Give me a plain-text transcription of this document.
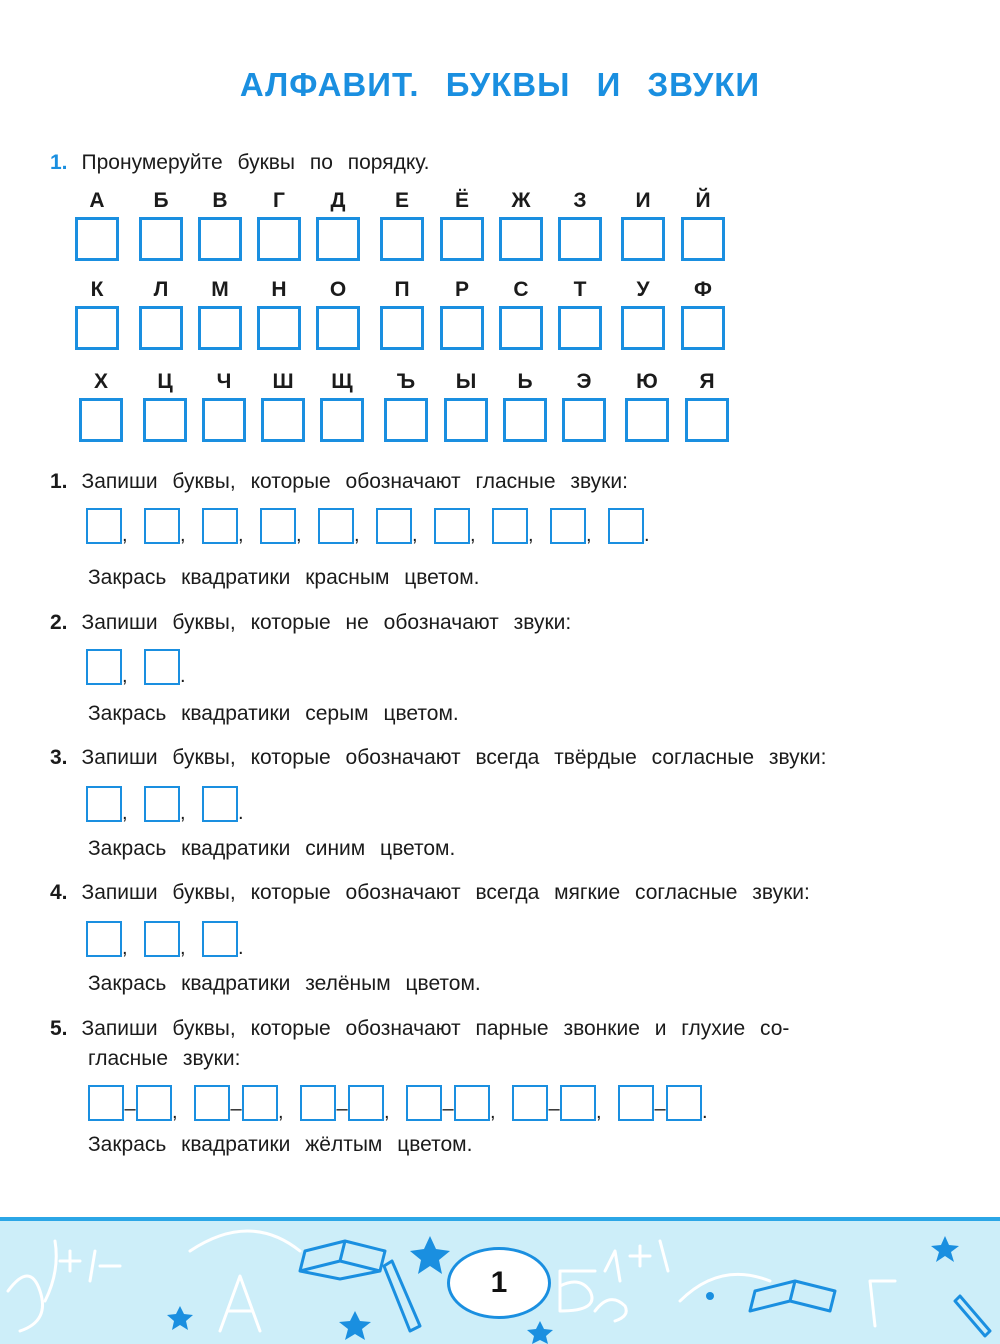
АЛФАВИТ. БУКВЫ И ЗВУКИ
1. Пронумеруйте буквы по порядку.
А	Б	В	Г	Д	Е	Ё	Ж	З	И	Й
К	Л	М	Н	О	П	Р	С	Т	У	Ф
Х	Ц	Ч	Ш	Щ	Ъ	Ы	Ь	Э	Ю	Я
1. Запиши буквы, которые обозначают гласные звуки:
,	,	,	,	,	,	,	,	,	.
Закрась квадратики красным цветом.
2. Запиши буквы, которые не обозначают звуки:
,	.
Закрась квадратики серым цветом.
3. Запиши буквы, которые обозначают всегда твёрдые согласные звуки:
,	,	.
Закрась квадратики синим цветом.
4. Запиши буквы, которые обозначают всегда мягкие согласные звуки:
,	,	.
Закрась квадратики зелёным цветом.
5. Запиши буквы, которые обозначают парные звонкие и глухие со-
гласные звуки:
– ,	– ,	– ,	– ,	– ,	– .
Закрась квадратики жёлтым цветом.
1
